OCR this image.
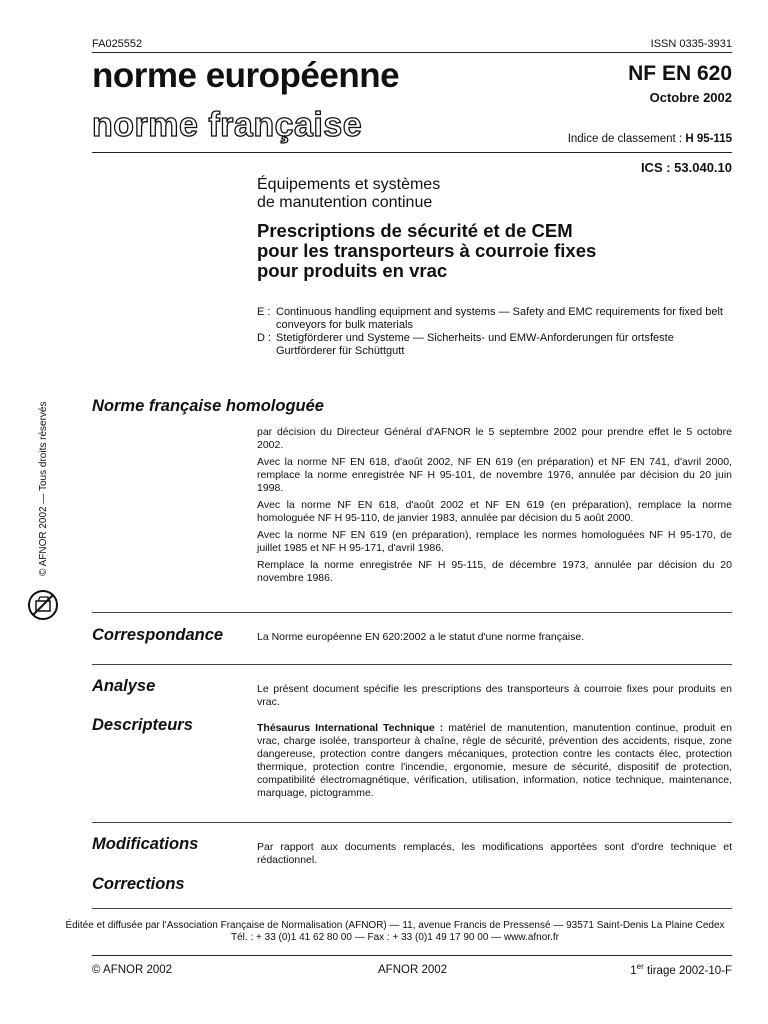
FA025552	ISSN 0335-3931
norme européenne
norme française
NF EN 620
Octobre 2002
Indice de classement : H 95-115
ICS : 53.040.10
Équipements et systèmes
de manutention continue
Prescriptions de sécurité et de CEM
pour les transporteurs à courroie fixes
pour produits en vrac
E : Continuous handling equipment and systems — Safety and EMC requirements for fixed belt conveyors for bulk materials
D : Stetigförderer und Systeme — Sicherheits- und EMW-Anforderungen für ortsfeste Gurtförderer für Schüttgutt
© AFNOR 2002 — Tous droits réservés	Norme française homologuée

par décision du Directeur Général d'AFNOR le 5 septembre 2002 pour prendre effet le 5 octobre 2002.

Avec la norme NF EN 618, d'août 2002, NF EN 619 (en préparation) et NF EN 741, d'avril 2000, remplace la norme enregistrée NF H 95-101, de novembre 1976, annulée par décision du 20 juin 1998.

Avec la norme NF EN 618, d'août 2002 et NF EN 619 (en préparation), remplace la norme homologuée NF H 95-110, de janvier 1983, annulée par décision du 5 août 2000.

Avec la norme NF EN 619 (en préparation), remplace les normes homologuées NF H 95-170, de juillet 1985 et NF H 95-171, d'avril 1986.

Remplace la norme enregistrée NF H 95-115, de décembre 1973, annulée par décision du 20 novembre 1986.

Correspondance	La Norme européenne EN 620:2002 a le statut d'une norme française.
Analyse	Le présent document spécifie les prescriptions des transporteurs à courroie fixes pour produits en vrac.
Descripteurs	Thésaurus International Technique : matériel de manutention, manutention continue, produit en vrac, charge isolée, transporteur à chaîne, règle de sécurité, prévention des accidents, risque, zone dangereuse, protection contre dangers mécaniques, protection contre les contacts élec, protection thermique, protection contre l'incendie, ergonomie, mesure de sécurité, dispositif de protection, compatibilité électromagnétique, vérification, utilisation, information, notice technique, maintenance, marquage, pictogramme.
Modifications	Par rapport aux documents remplacés, les modifications apportées sont d'ordre technique et rédactionnel.
Corrections
Éditée et diffusée par l'Association Française de Normalisation (AFNOR) — 11, avenue Francis de Pressensé — 93571 Saint-Denis La Plaine Cedex
Tél. : + 33 (0)1 41 62 80 00 — Fax : + 33 (0)1 49 17 90 00 — www.afnor.fr
© AFNOR 2002	AFNOR 2002	1er tirage 2002-10-F
